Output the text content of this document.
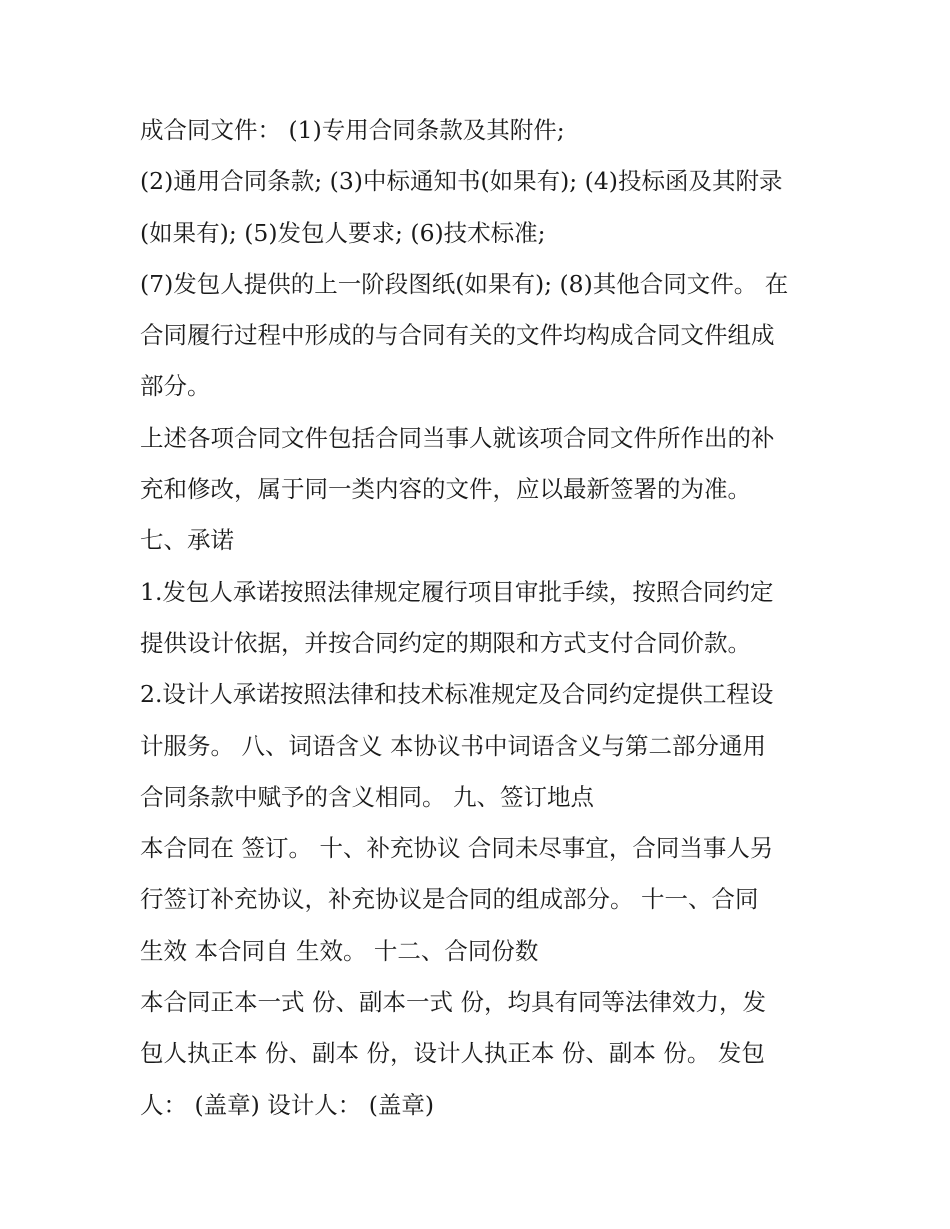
成合同文件： (1)专用合同条款及其附件;
(2)通用合同条款; (3)中标通知书(如果有); (4)投标函及其附录
(如果有); (5)发包人要求; (6)技术标准;
(7)发包人提供的上一阶段图纸(如果有); (8)其他合同文件。 在
合同履行过程中形成的与合同有关的文件均构成合同文件组成
部分。
上述各项合同文件包括合同当事人就该项合同文件所作出的补
充和修改，属于同一类内容的文件，应以最新签署的为准。
七、承诺
1.发包人承诺按照法律规定履行项目审批手续，按照合同约定
提供设计依据，并按合同约定的期限和方式支付合同价款。
2.设计人承诺按照法律和技术标准规定及合同约定提供工程设
计服务。 八、词语含义 本协议书中词语含义与第二部分通用
合同条款中赋予的含义相同。 九、签订地点
本合同在 签订。 十、补充协议 合同未尽事宜，合同当事人另
行签订补充协议，补充协议是合同的组成部分。 十一、合同
生效 本合同自 生效。 十二、合同份数
本合同正本一式 份、副本一式 份，均具有同等法律效力，发
包人执正本 份、副本 份，设计人执正本 份、副本 份。 发包
人： (盖章) 设计人： (盖章)
